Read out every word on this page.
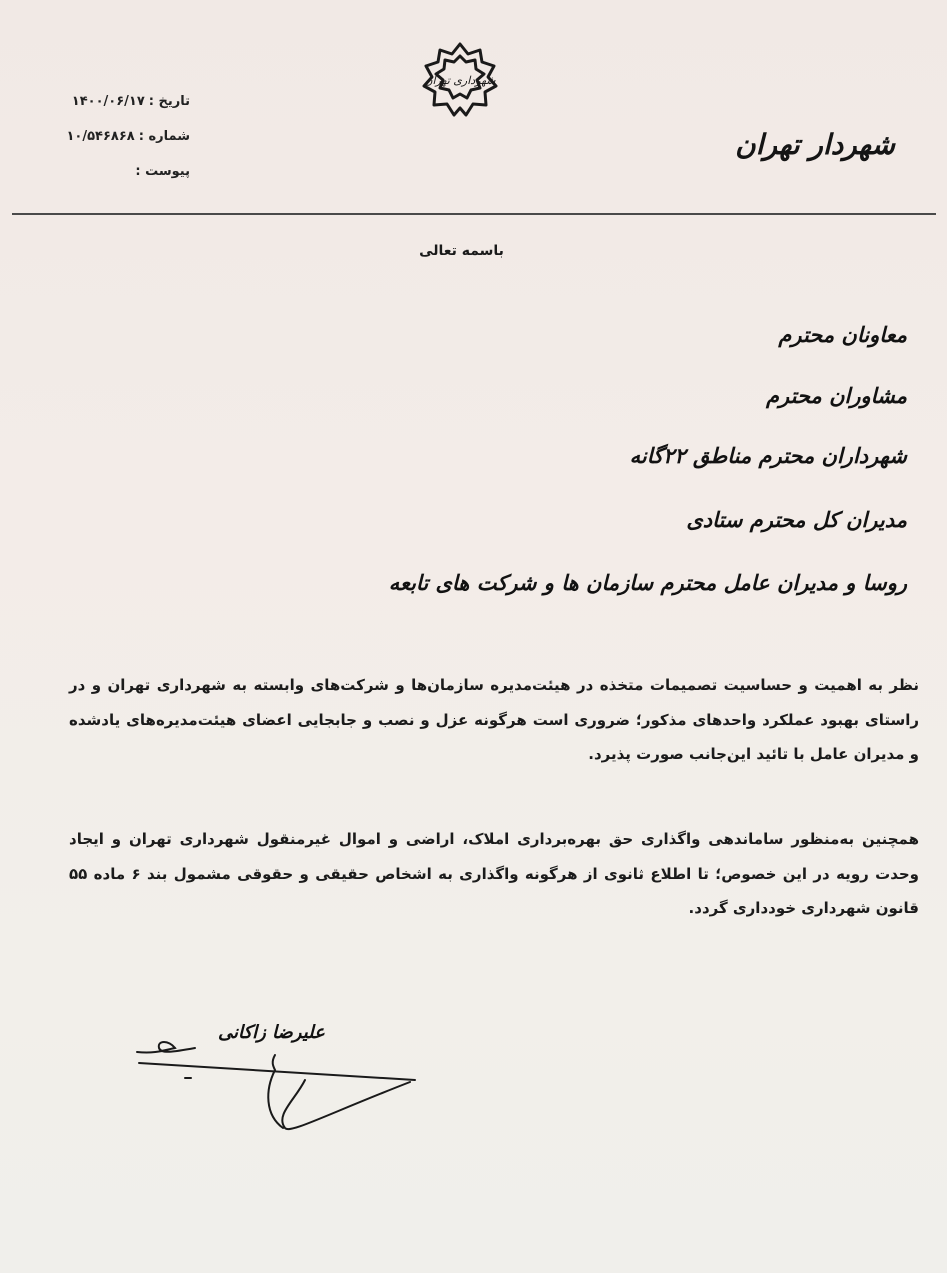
تاریخ :
۱۴۰۰/۰۶/۱۷
شماره :
۱۰/۵۴۶۸۶۸
پیوست :
شهرداری تهران
شهردار تهران
باسمه تعالی
معاونان محترم
مشاوران محترم
شهرداران محترم مناطق ۲۲گانه
مدیران کل محترم ستادی
روسا و مدیران عامل محترم سازمان ها و شرکت های تابعه
نظر به اهمیت و حساسیت تصمیمات متخذه در هیئت‌مدیره سازمان‌ها و شرکت‌های وابسته به شهرداری تهران و در راستای بهبود عملکرد واحدهای مذکور؛ ضروری است هرگونه عزل و نصب و جابجایی اعضای هیئت‌مدیره‌های یادشده و مدیران عامل با تائید این‌جانب صورت پذیرد.
همچنین به‌منظور ساماندهی واگذاری حق بهره‌برداری املاک، اراضی و اموال غیرمنقول شهرداری تهران و ایجاد وحدت رویه در این خصوص؛ تا اطلاع ثانوی از هرگونه واگذاری به اشخاص حقیقی و حقوقی مشمول بند ۶ ماده ۵۵ قانون شهرداری خودداری گردد.
علیرضا زاکانی
